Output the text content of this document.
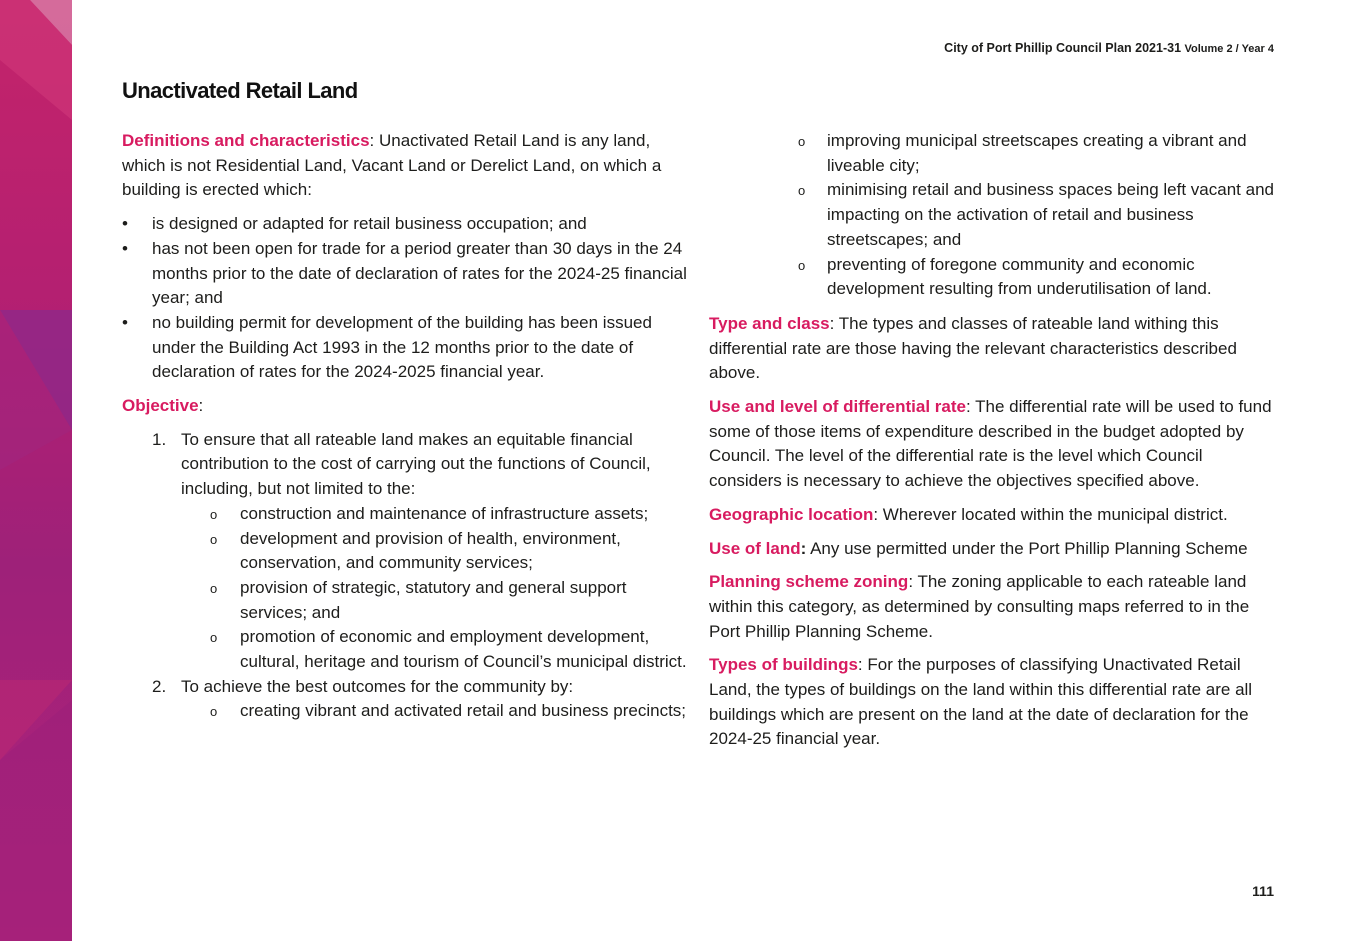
City of Port Phillip Council Plan 2021-31 Volume 2 / Year 4
Unactivated Retail Land

Definitions and characteristics: Unactivated Retail Land is any land, which is not Residential Land, Vacant Land or Derelict Land, on which a building is erected which:

• is designed or adapted for retail business occupation; and
• has not been open for trade for a period greater than 30 days in the 24 months prior to the date of declaration of rates for the 2024-25 financial year; and
• no building permit for development of the building has been issued under the Building Act 1993 in the 12 months prior to the date of declaration of rates for the 2024-2025 financial year.

Objective:

1. To ensure that all rateable land makes an equitable financial contribution to the cost of carrying out the functions of Council, including, but not limited to the:
o construction and maintenance of infrastructure assets;
o development and provision of health, environment, conservation, and community services;
o provision of strategic, statutory and general support services; and
o promotion of economic and employment development, cultural, heritage and tourism of Council’s municipal district.
2. To achieve the best outcomes for the community by:
o creating vibrant and activated retail and business precincts;
o improving municipal streetscapes creating a vibrant and liveable city;
o minimising retail and business spaces being left vacant and impacting on the activation of retail and business streetscapes; and
o preventing of foregone community and economic development resulting from underutilisation of land.

Type and class: The types and classes of rateable land withing this differential rate are those having the relevant characteristics described above.

Use and level of differential rate: The differential rate will be used to fund some of those items of expenditure described in the budget adopted by Council. The level of the differential rate is the level which Council considers is necessary to achieve the objectives specified above.

Geographic location: Wherever located within the municipal district.

Use of land: Any use permitted under the Port Phillip Planning Scheme

Planning scheme zoning: The zoning applicable to each rateable land within this category, as determined by consulting maps referred to in the Port Phillip Planning Scheme.

Types of buildings: For the purposes of classifying Unactivated Retail Land, the types of buildings on the land within this differential rate are all buildings which are present on the land at the date of declaration for the 2024-25 financial year.

111
